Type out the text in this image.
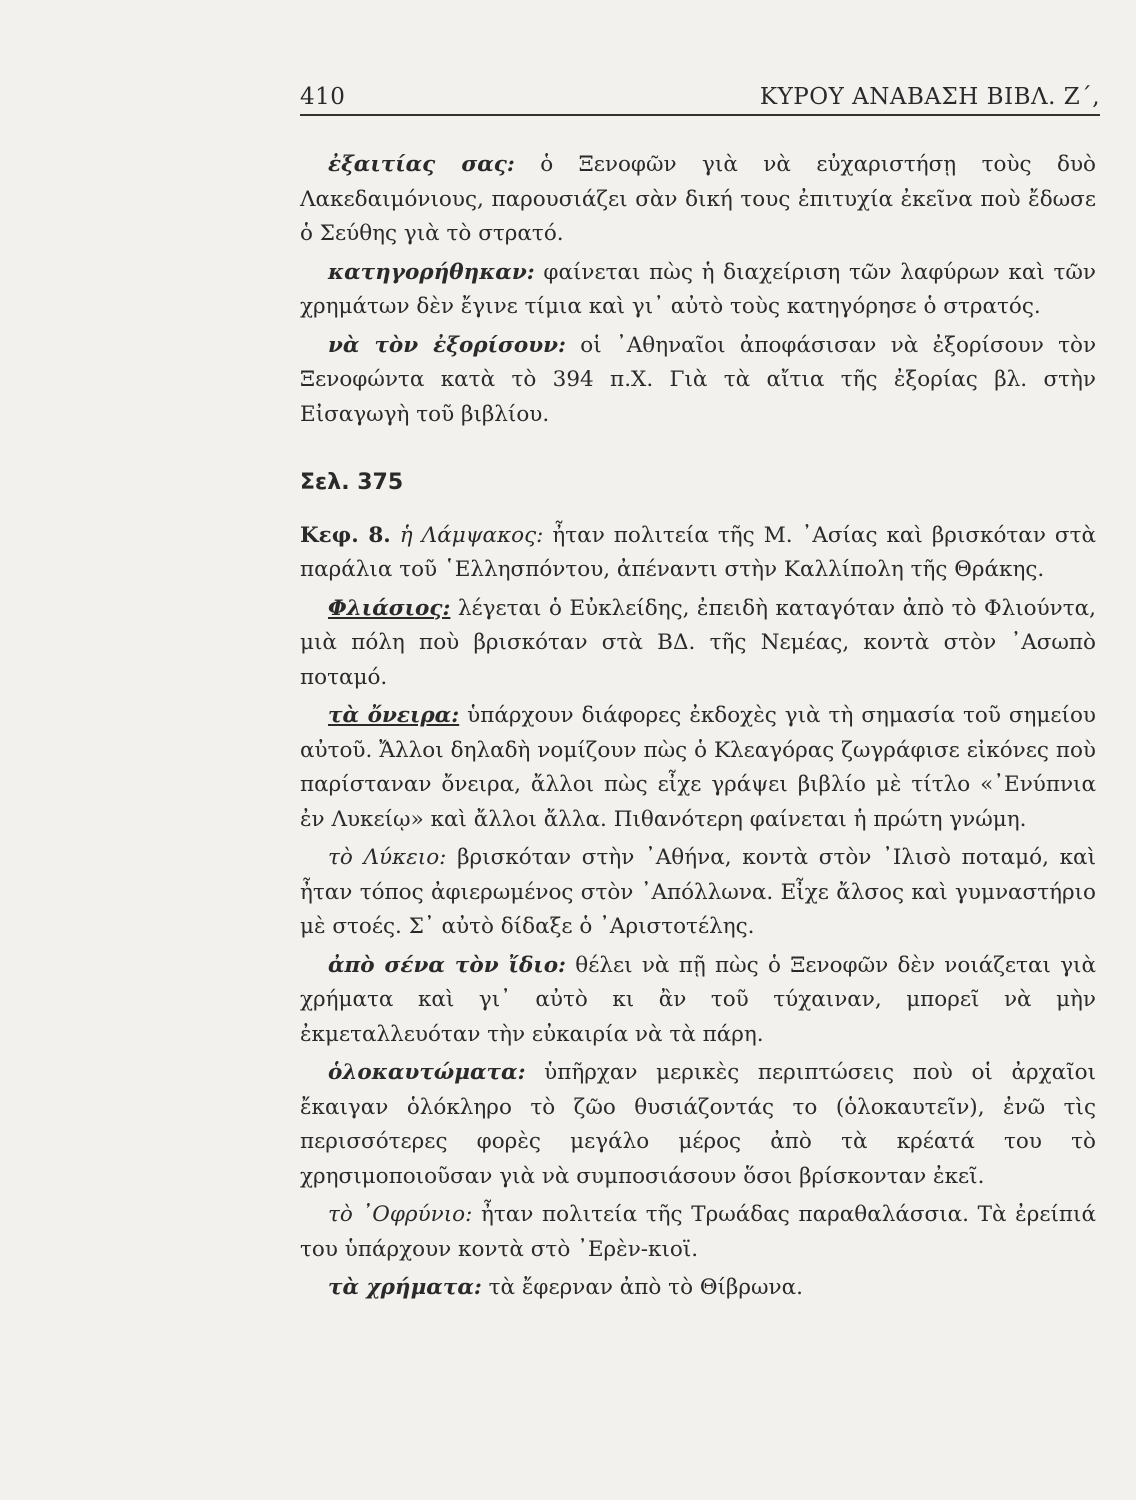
410	ΚΥΡΟΥ ΑΝΑΒΑΣΗ ΒΙΒΛ. Ζ΄,

ἐξαιτίας σας: ὁ Ξενοφῶν γιὰ νὰ εὐχαριστήσῃ τοὺς δυὸ Λακεδαιμόνιους, παρουσιάζει σὰν δική τους ἐπιτυχία ἐκεῖνα ποὺ ἔδωσε ὁ Σεύθης γιὰ τὸ στρατό.

κατηγορήθηκαν: φαίνεται πὼς ἡ διαχείριση τῶν λαφύρων καὶ τῶν χρημάτων δὲν ἔγινε τίμια καὶ γι᾿ αὐτὸ τοὺς κατηγόρησε ὁ στρατός.

νὰ τὸν ἐξορίσουν: οἱ ᾿Αθηναῖοι ἀποφάσισαν νὰ ἐξορίσουν τὸν Ξενοφώντα κατὰ τὸ 394 π.Χ. Γιὰ τὰ αἴτια τῆς ἐξορίας βλ. στὴν Εἰσαγωγὴ τοῦ βιβλίου.

Σελ. 375

Κεφ. 8. ἡ Λάμψακος: ἦταν πολιτεία τῆς Μ. ᾿Ασίας καὶ βρισκόταν στὰ παράλια τοῦ ῾Ελλησπόντου, ἀπέναντι στὴν Καλλίπολη τῆς Θράκης.

Φλιάσιος: λέγεται ὁ Εὐκλείδης, ἐπειδὴ καταγόταν ἀπὸ τὸ Φλιούντα, μιὰ πόλη ποὺ βρισκόταν στὰ ΒΔ. τῆς Νεμέας, κοντὰ στὸν ᾿Ασωπὸ ποταμό.

τὰ ὄνειρα: ὑπάρχουν διάφορες ἐκδοχὲς γιὰ τὴ σημασία τοῦ σημείου αὐτοῦ. Ἄλλοι δηλαδὴ νομίζουν πὼς ὁ Κλεαγόρας ζωγράφισε εἰκόνες ποὺ παρίσταναν ὄνειρα, ἄλλοι πὼς εἶχε γράψει βιβλίο μὲ τίτλο «᾿Ενύπνια ἐν Λυκείῳ» καὶ ἄλλοι ἄλλα. Πιθανότερη φαίνεται ἡ πρώτη γνώμη.

τὸ Λύκειο: βρισκόταν στὴν ᾿Αθήνα, κοντὰ στὸν ᾿Ιλισὸ ποταμό, καὶ ἦταν τόπος ἀφιερωμένος στὸν ᾿Απόλλωνα. Εἶχε ἄλσος καὶ γυμναστήριο μὲ στοές. Σ᾿ αὐτὸ δίδαξε ὁ ᾿Αριστοτέλης.

ἀπὸ σένα τὸν ἴδιο: θέλει νὰ πῇ πὼς ὁ Ξενοφῶν δὲν νοιάζεται γιὰ χρήματα καὶ γι᾿ αὐτὸ κι ἂν τοῦ τύχαιναν, μπορεῖ νὰ μὴν ἐκμεταλλευόταν τὴν εὐκαιρία νὰ τὰ πάρη.

ὁλοκαυτώματα: ὑπῆρχαν μερικὲς περιπτώσεις ποὺ οἱ ἀρχαῖοι ἔκαιγαν ὁλόκληρο τὸ ζῶο θυσιάζοντάς το (ὁλοκαυτεῖν), ἐνῶ τὶς περισσότερες φορὲς μεγάλο μέρος ἀπὸ τὰ κρέατά του τὸ χρησιμοποιοῦσαν γιὰ νὰ συμποσιάσουν ὅσοι βρίσκονταν ἐκεῖ.

τὸ ᾿Οφρύνιο: ἦταν πολιτεία τῆς Τρωάδας παραθαλάσσια. Τὰ ἐρείπιά του ὑπάρχουν κοντὰ στὸ ᾿Ερὲν-κιοϊ.

τὰ χρήματα: τὰ ἔφερναν ἀπὸ τὸ Θίβρωνα.
